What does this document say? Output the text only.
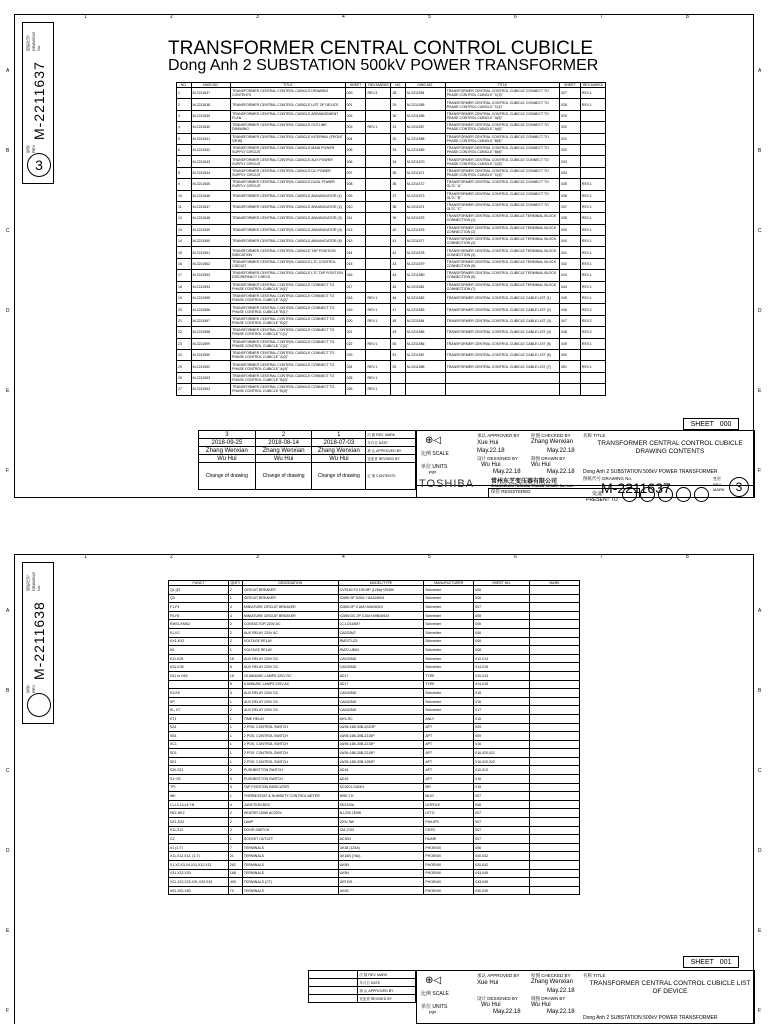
1	2	3	4	5	6	7	8
A
B
C
D
E
F
A
B
C
D
E
F
图纸代号 DRAWING No.
M-2211637
变更 REV
3
TRANSFORMER CENTRAL CONTROL CUBICLE
Dong Anh 2 SUBSTATION 500kV POWER TRANSFORMER
NO.	DWG.NO.	TITLE	SHEET	REV.MARKS	NO.	DWG.NO.	TITLE	SHEET	REV.MARKS
1	M-2211637	TRANSFORMER CENTRAL CONTROL CUBICLE DRAWING CONTENTS	000	REV.3	28	M-2211554	TRANSFORMER CENTRAL CONTROL CUBICLE CONNECT TO PHASE CONTROL CUBICLE "C(3)"	027	REV.1
2	M-2211638	TRANSFORMER CENTRAL CONTROL CUBICLE LIST OF DEVICE	001		29	M-2211555	TRANSFORMER CENTRAL CONTROL CUBICLE CONNECT TO PHASE CONTROL CUBICLE "C(4)"	028	REV.1
3	M-2211539	TRANSFORMER CENTRAL CONTROL CUBICLE ARRANGEMENT PLAN	002		30	M-2211556	TRANSFORMER CENTRAL CONTROL CUBICLE CONNECT TO PHASE CONTROL CUBICLE "A(5)"	029	
4	M-2211540	TRANSFORMER CENTRAL CONTROL CUBICLE OUTLINE DRAWING	003	REV.1	31	M-2211557	TRANSFORMER CENTRAL CONTROL CUBICLE CONNECT TO PHASE CONTROL CUBICLE "A(6)"	030	
5	M-2211541	TRANSFORMER CENTRAL CONTROL CUBICLE INTERNAL (FRONT VIEW)	004		32	M-2211558	TRANSFORMER CENTRAL CONTROL CUBICLE CONNECT TO PHASE CONTROL CUBICLE "B(5)"	031	
6	M-2211542	TRANSFORMER CENTRAL CONTROL CUBICLE MAIN POWER SUPPLY CIRCUIT	005		33	M-2211569	TRANSFORMER CENTRAL CONTROL CUBICLE CONNECT TO PHASE CONTROL CUBICLE "B(6)"	032	
7	M-2211543	TRANSFORMER CENTRAL CONTROL CUBICLE AUX POWER SUPPLY CIRCUIT	006		34	M-2211570	TRANSFORMER CENTRAL CONTROL CUBICLE CONNECT TO PHASE CONTROL CUBICLE "C(5)"	033	
8	M-2211544	TRANSFORMER CENTRAL CONTROL CUBICLE DC POWER SUPPLY CIRCUIT	007		35	M-2211571	TRANSFORMER CENTRAL CONTROL CUBICLE CONNECT TO PHASE CONTROL CUBICLE "C(6)"	034	
9	M-2211545	TRANSFORMER CENTRAL CONTROL CUBICLE DUAL POWER SUPPLY CIRCUIT	008		36	M-2211572	TRANSFORMER CENTRAL CONTROL CUBICLE CONNECT TO OLTC "A"	035	REV.1
10	M-2211546	TRANSFORMER CENTRAL CONTROL CUBICLE ANNUNCIATOR (1)	009		37	M-2211573	TRANSFORMER CENTRAL CONTROL CUBICLE CONNECT TO OLTC "B"	036	REV.1
11	M-2211547	TRANSFORMER CENTRAL CONTROL CUBICLE ANNUNCIATOR (2)	010		38	M-2211574	TRANSFORMER CENTRAL CONTROL CUBICLE CONNECT TO OLTC "C"	037	REV.1
12	M-2211548	TRANSFORMER CENTRAL CONTROL CUBICLE ANNUNCIATOR (3)	011		39	M-2211575	TRANSFORMER CENTRAL CONTROL CUBICLE TERMINAL BLOCK CONNECTION (1)	038	REV.1
13	M-2211549	TRANSFORMER CENTRAL CONTROL CUBICLE ANNUNCIATOR (4)	012		40	M-2211576	TRANSFORMER CENTRAL CONTROL CUBICLE TERMINAL BLOCK CONNECTION (2)	039	REV.1
14	M-2211550	TRANSFORMER CENTRAL CONTROL CUBICLE ANNUNCIATOR (5)	013		41	M-2211577	TRANSFORMER CENTRAL CONTROL CUBICLE TERMINAL BLOCK CONNECTION (3)	040	REV.1
15	M-2211551	TRANSFORMER CENTRAL CONTROL CUBICLE TAP POSITION INDICATION	014		42	M-2211578	TRANSFORMER CENTRAL CONTROL CUBICLE TERMINAL BLOCK CONNECTION (4)	041	REV.1
16	M-2211552	TRANSFORMER CENTRAL CONTROL CUBICLE LTC CONTROL CIRCUIT	015		43	M-2211579	TRANSFORMER CENTRAL CONTROL CUBICLE TERMINAL BLOCK CONNECTION (5)	042	REV.1
17	M-2211593	TRANSFORMER CENTRAL CONTROL CUBICLE LTC TAP POSITION DISCREPANCY CHECK	016		44	M-2211580	TRANSFORMER CENTRAL CONTROL CUBICLE TERMINAL BLOCK CONNECTION (6)	043	REV.1
18	M-2211594	TRANSFORMER CENTRAL CONTROL CUBICLE CONNECT TO PHASE CONTROL CUBICLE "A(1)"	017		45	M-2211581	TRANSFORMER CENTRAL CONTROL CUBICLE TERMINAL BLOCK CONNECTION (7)	044	REV.1
19	M-2211595	TRANSFORMER CENTRAL CONTROL CUBICLE CONNECT TO PHASE CONTROL CUBICLE "A(2)"	018	REV.1	46	M-2211582	TRANSFORMER CENTRAL CONTROL CUBICLE CABLE LIST (1)	045	REV.1
20	M-2211596	TRANSFORMER CENTRAL CONTROL CUBICLE CONNECT TO PHASE CONTROL CUBICLE "B(1)"	019	REV.1	47	M-2211583	TRANSFORMER CENTRAL CONTROL CUBICLE CABLE LIST (2)	046	REV.2
21	M-2211597	TRANSFORMER CENTRAL CONTROL CUBICLE CONNECT TO PHASE CONTROL CUBICLE "B(2)"	020	REV.1	48	M-2211584	TRANSFORMER CENTRAL CONTROL CUBICLE CABLE LIST (3)	047	REV.2
22	M-2211598	TRANSFORMER CENTRAL CONTROL CUBICLE CONNECT TO PHASE CONTROL CUBICLE "C(1)"	021		49	M-2211585	TRANSFORMER CENTRAL CONTROL CUBICLE CABLE LIST (4)	048	REV.2
23	M-2211599	TRANSFORMER CENTRAL CONTROL CUBICLE CONNECT TO PHASE CONTROL CUBICLE "C(2)"	022	REV.1	50	M-2211586	TRANSFORMER CENTRAL CONTROL CUBICLE CABLE LIST (5)	049	REV.1
24	M-2211550	TRANSFORMER CENTRAL CONTROL CUBICLE CONNECT TO PHASE CONTROL CUBICLE "A(3)"	023		51	M-2211587	TRANSFORMER CENTRAL CONTROL CUBICLE CABLE LIST (6)	050	
25	M-2211552	TRANSFORMER CENTRAL CONTROL CUBICLE CONNECT TO PHASE CONTROL CUBICLE "A(4)"	024	REV.1	52	M-2211588	TRANSFORMER CENTRAL CONTROL CUBICLE CABLE LIST (7)	051	REV.1
26	M-2211553	TRANSFORMER CENTRAL CONTROL CUBICLE CONNECT TO PHASE CONTROL CUBICLE "B(3)"	025	REV.1					
27	M-2211553	TRANSFORMER CENTRAL CONTROL CUBICLE CONNECT TO PHASE CONTROL CUBICLE "B(4)"	026	REV.1					
SHEET
000
3	2	1	次 数 REV. MARK
2018-09-25	2018-08-14	2018-07-03	年月日 DATE
Zhang Wenxian	Zhang Wenxian	Zhang Wenxian	承 认 APPROVED BY
Wu Hui	Wu Hui	Wu Hui	变更者 REVISED BY
Change of drawing	Change of drawing	Change of drawing	记 事 CONTENTS
⊕◁	承认 APPROVED BY
Xue Hui
检图 CHECKED BY
Zhang Wenxian
May.22.18
比例 SCALE	May.22.18
设计 DESIGNED BY
Wu Hui
May.22.18
制图 DRAWN BY
Wu Hui
May.22.18
单位 UNITS
P/P
名称 TITLE
TRANSFORMER CENTRAL CONTROL CUBICLE DRAWING CONTENTS
Dong Anh 2 SUBSTATION 500kV POWER TRANSFORMER
TOSHIBA	常州东芝变压器有限公司
CHANGZHOU TOSHIBA TRANSFORMER Co., Ltd.
图纸代号 DRAWING No.
M-2211637
变更 REV. MARK 3
保管 REGISTERED	变递
PRESENT TO
1	2	3	4	5	6	7	8
A
B
C
D
E
F
A
B
C
D
E
F
图纸代号 DRAWING No.
M-2211638
变更 REV
FUNCT	QNTY	DESIGNATION	MODEL/TYPE	MANUFACTURER	SHEET NO.	MARK
Q1,Q2	2	CIRCUIT BREAKER	CVS160 F3 125 MP (125A)+29450	Schneider	006	
Q3	1	CIRCUIT BREAKER	IC65N 3P D25A + A9A26924	Schneider	006	
F1-F4	4	MINIATURE CIRCUIT BREAKER	IC65N 2P C16A+A9A26924	Schneider	007	
F5-F8	4	MINIATURE CIRCUIT BREAKER	IC65N DC 2P C10A+A9N26924	Schneider	008	
KMS1,KMS2	2	CONTACTOR 220V AC	LC1-D115M7	Schneider	006	
K1,K2	2	AUX RELAY 220V AC	CAD32M7	Schneider	006	
KX1,KX2	2	VOLTAGE RELAY	RM22TU23	Schneider	006	
K6	1	VOLTAGE RELAY	RM22-UB34	Schneider	008	
K11-K25	15	AUX RELAY 220V DC	CAD32MD	Schneider	010-013	
K31-K35	5	AUX RELAY 220V DC	CAD32MD	Schneider	014-015	
H11 to H15	15	15 ANNUNC LAMPS 220V DC	AD17	TYEE	010-013	
	5	5 ANNUNC LAMPS 220V AC	AD17	TYEE	014-015	
K3-K5	3	AUX RELAY 220V DC	CAD32MD	Schneider	015	
KP	1	AUX RELAY 220V DC	CAD32MD	Schneider	016	
KL, K7	2	AUX RELAY 220V DC	CAD32MD	Schneider	017	
KT1	1	TIME RELAY	AH3-RC	ANLY	016	
SA1	1	2 POS. CONTROL SWITCH	LW39-16B-30B-202/3P	APT	009	
SB1	1	2 POS. CONTROL SWITCH	LW39-16B-30B-2215P	APT	009	
SC1	1	2 POS. CONTROL SWITCH	LW39-16B-30B-2215P	APT	016	
SD1	1	2 POS. CONTROL SWITCH	LW39-16B-30B-2215P	APT	016,020,022	
SE1	1	2 POS. CONTROL SWITCH	LW39-16B-30B-1053P	APT	016,020,022	
S20,S21	2	PUSHBOTTON SWITCH	AD16	APT	010,013	
S1~S3	3	PUSHBOTTON SWITCH	AD16	APT	016	
TPI	3	TAP POSITION INDECATER	SC2001-GA001	MR	015	
WK	1	THERMOSTAT & HUMIDITY CONTROL METER	WSK-TH	MUYI	007	
L1,L2,L3,L4,YN	4	JUNCTION BOX	SK3120A	LEIPOLE	006	
HE1,HE2	2	HEATER 150W AC220V	NJ-200 150W	LETO	007	
DZ1,DZ2	2	LAMP	220V 9W	PHILIPS	007	
S11,S12	2	DOOR SWITCH	CM-1703	CNTD	007	
CZ	1	SOCKET OUTLET	AC30N	HUARI	007	
X1 (1-7)	7	TERMINALS	UK35 (125A)	PHOENIX	006	
X11,X12,X13, (1-7)	21	TERMINALS	UK16N (76A)	PHOENIX	040-042	
X1,X2,X3,X4,X11,X12,X13	262	TERMINALS	UK5N	PHOENIX	020-042	
X31,X32,X33	168	TERMINALS	UK5N	PHOENIX	043-045	
X21,X22,X23,X31,X32,X33	405	TERMINALS (CT)	URTK/S	PHOENIX	043-045	
X51,X52,X53	70	TERMINALS	UK6S	PHOENIX	030,045	
SHEET
001
	次 数 REV. MARK
	年月日 DATE
	承 认 APPROVED BY
	变更者 REVISED BY
⊕◁	承认 APPROVED BY
Xue Hui
检图 CHECKED BY
Zhang Wenxian
May.22.18
比例 SCALE
设计 DESIGNED BY
Wu Hui
May.22.18
制图 DRAWN BY
Wu Hui
May.22.18
单位 UNITS
P/P
名称 TITLE
TRANSFORMER CENTRAL CONTROL CUBICLE LIST OF DEVICE
Dong Anh 2 SUBSTATION 500kV POWER TRANSFORMER
